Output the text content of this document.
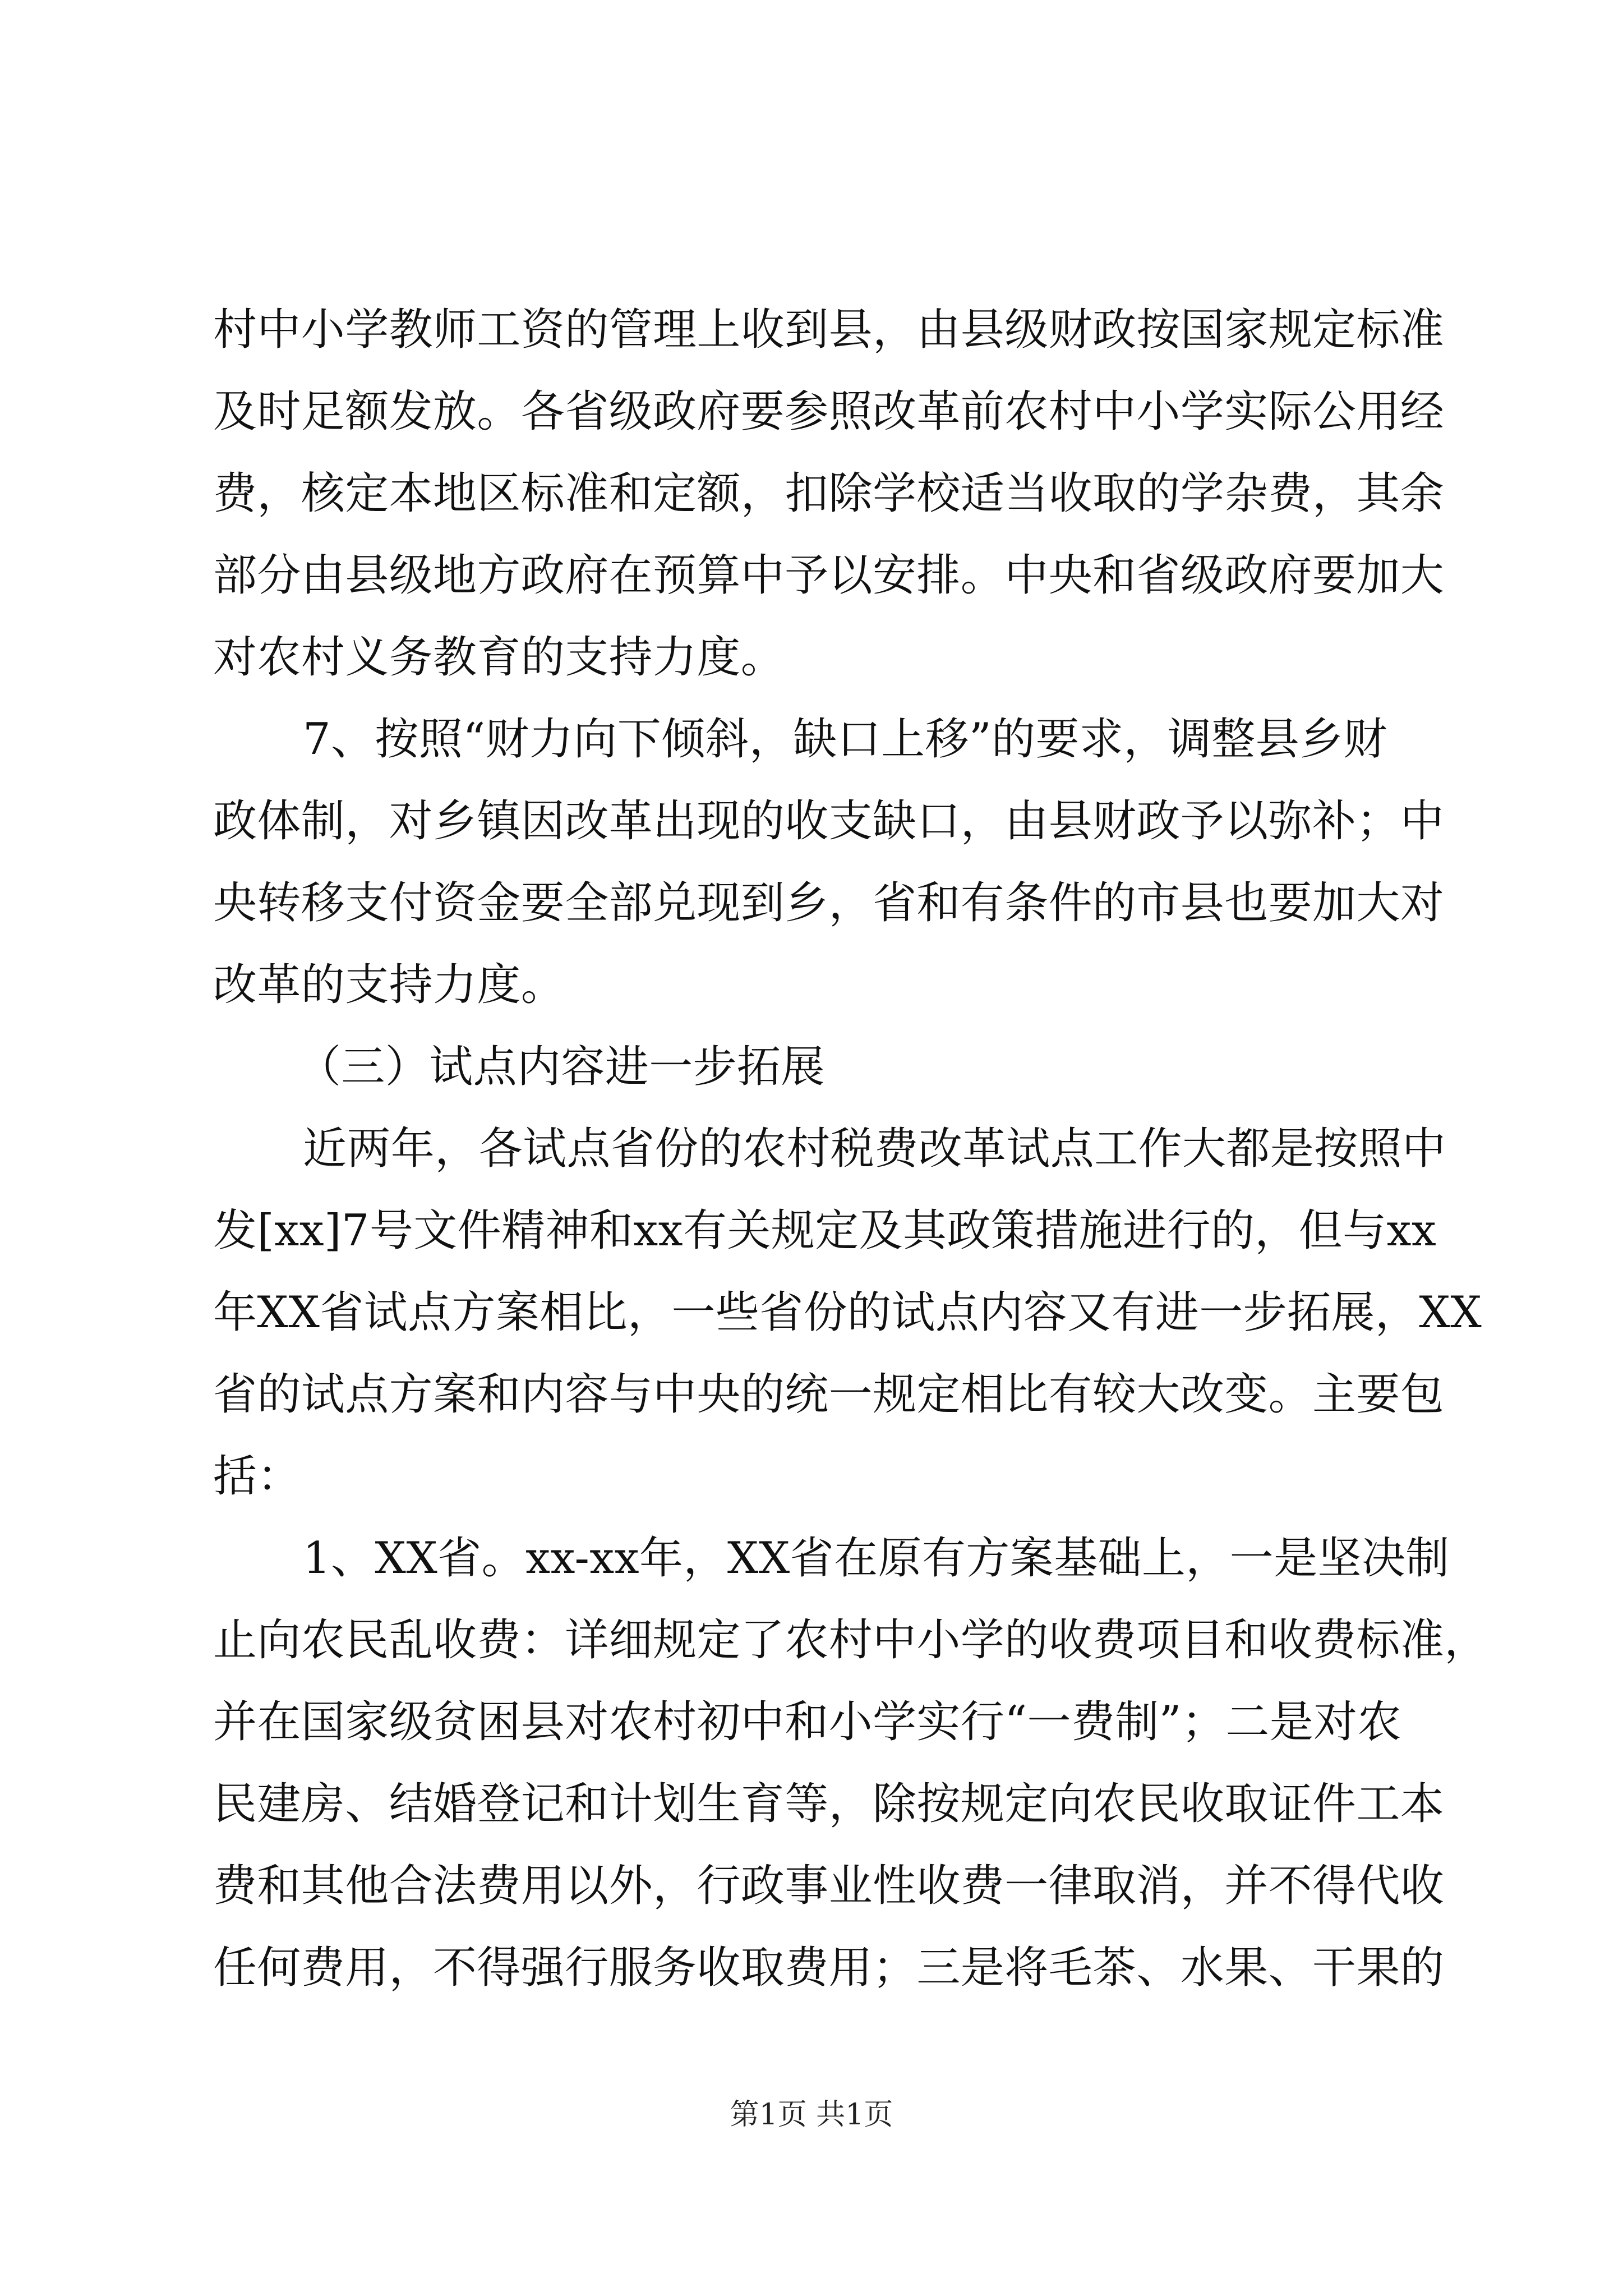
村中小学教师工资的管理上收到县，由县级财政按国家规定标准
及时足额发放。各省级政府要参照改革前农村中小学实际公用经
费，核定本地区标准和定额，扣除学校适当收取的学杂费，其余
部分由县级地方政府在预算中予以安排。中央和省级政府要加大
对农村义务教育的支持力度。
7、按照“财力向下倾斜，缺口上移”的要求，调整县乡财
政体制，对乡镇因改革出现的收支缺口，由县财政予以弥补；中
央转移支付资金要全部兑现到乡，省和有条件的市县也要加大对
改革的支持力度。
（三）试点内容进一步拓展
近两年，各试点省份的农村税费改革试点工作大都是按照中
发[xx]7号文件精神和xx有关规定及其政策措施进行的，但与xx
年XX省试点方案相比，一些省份的试点内容又有进一步拓展，XX
省的试点方案和内容与中央的统一规定相比有较大改变。主要包
括：
1、XX省。xx-xx年，XX省在原有方案基础上，一是坚决制
止向农民乱收费：详细规定了农村中小学的收费项目和收费标准，
并在国家级贫困县对农村初中和小学实行“一费制”；二是对农
民建房、结婚登记和计划生育等，除按规定向农民收取证件工本
费和其他合法费用以外，行政事业性收费一律取消，并不得代收
任何费用，不得强行服务收取费用；三是将毛茶、水果、干果的
第1页 共1页
